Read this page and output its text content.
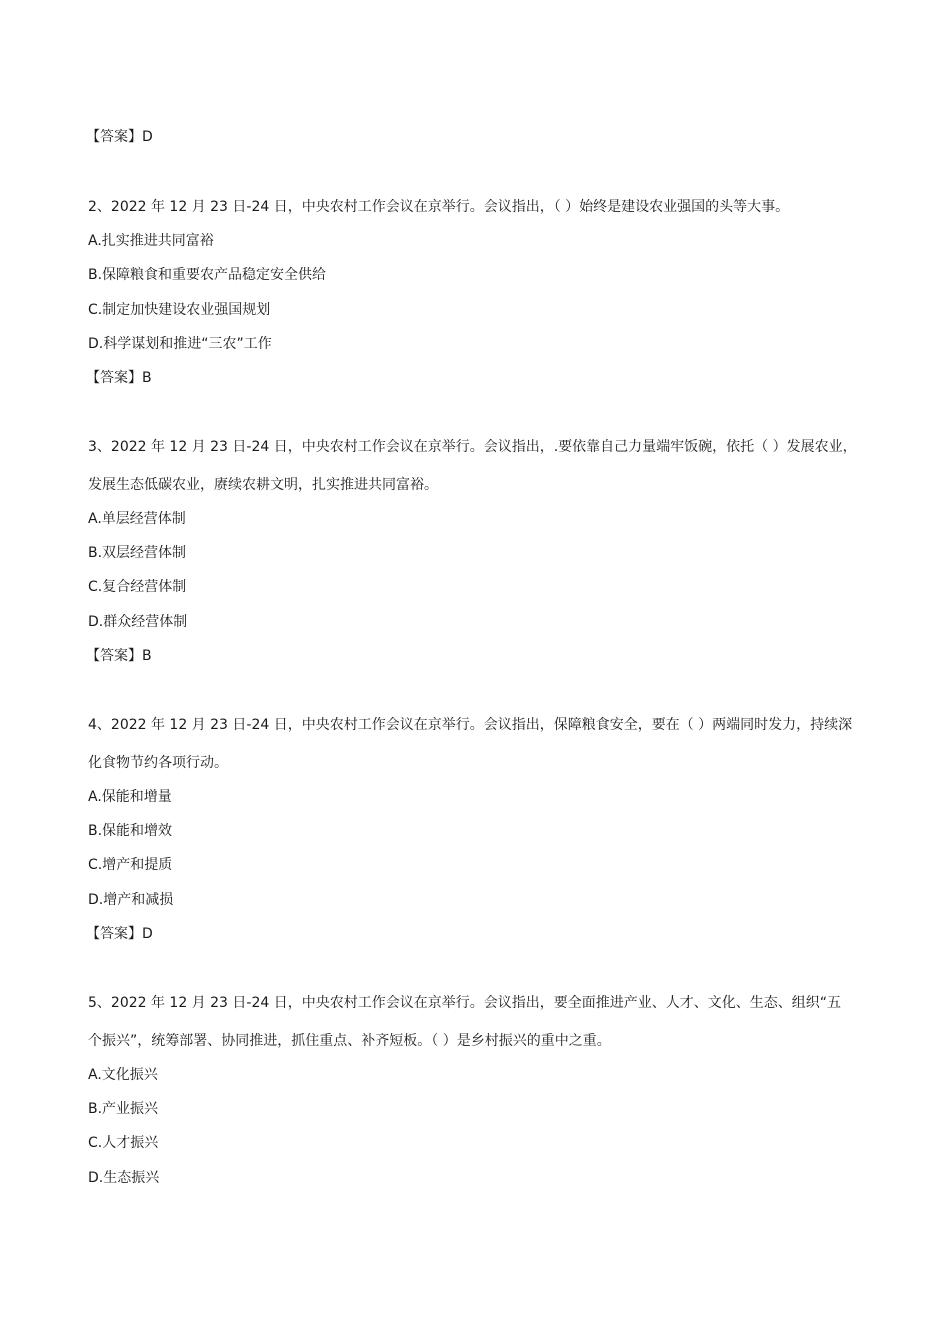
【答案】D
2、2022 年 12 月 23 日-24 日，中央农村工作会议在京举行。会议指出，（ ）始终是建设农业强国的头等大事。
A.扎实推进共同富裕
B.保障粮食和重要农产品稳定安全供给
C.制定加快建设农业强国规划
D.科学谋划和推进“三农”工作
【答案】B
3、2022 年 12 月 23 日-24 日，中央农村工作会议在京举行。会议指出，.要依靠自己力量端牢饭碗，依托（ ）发展农业，
发展生态低碳农业，赓续农耕文明，扎实推进共同富裕。
A.单层经营体制
B.双层经营体制
C.复合经营体制
D.群众经营体制
【答案】B
4、2022 年 12 月 23 日-24 日，中央农村工作会议在京举行。会议指出，保障粮食安全，要在（ ）两端同时发力，持续深
化食物节约各项行动。
A.保能和增量
B.保能和增效
C.增产和提质
D.增产和减损
【答案】D
5、2022 年 12 月 23 日-24 日，中央农村工作会议在京举行。会议指出，要全面推进产业、人才、文化、生态、组织“五
个振兴”，统筹部署、协同推进，抓住重点、补齐短板。（ ）是乡村振兴的重中之重。
A.文化振兴
B.产业振兴
C.人才振兴
D.生态振兴
